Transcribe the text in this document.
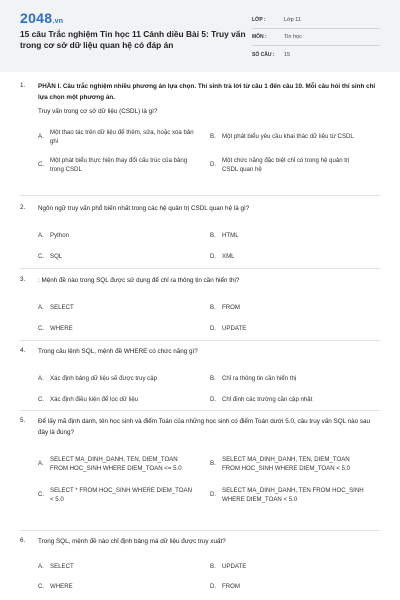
2048.vn
15 câu Trắc nghiệm Tin học 11 Cánh diều Bài 5: Truy vấn trong cơ sở dữ liệu quan hệ có đáp án
LỚP :	Lớp 11
MÔN :	Tin học
SỐ CÂU :	15
1.	PHẦN I. Câu trắc nghiệm nhiều phương án lựa chọn. Thí sinh trả lời từ câu 1 đến câu 10. Mỗi câu hỏi thí sinh chỉ lựa chọn một phương án.
Truy vấn trong cơ sở dữ liệu (CSDL) là gì?
A.
Một thao tác trên dữ liệu để thêm, sửa, hoặc xóa bản ghi
B.	Một phát biểu yêu cầu khai thác dữ liệu từ CSDL
C.
Một phát biểu thực hiện thay đổi cấu trúc của bảng trong CSDL
D.
Một chức năng đặc biệt chỉ có trong hệ quản trị CSDL quan hệ
2.	Ngôn ngữ truy vấn phổ biến nhất trong các hệ quản trị CSDL quan hệ là gì?
A.	Python	B.	HTML
C. SQL	D. XML
3.	: Mệnh đề nào trong SQL được sử dụng để chỉ ra thông tin cần hiển thị?
A.	SELECT	B.	FROM
C. WHERE	D. UPDATE
4.	Trong câu lệnh SQL, mệnh đề WHERE có chức năng gì?
A.	Xác định bảng dữ liệu sẽ được truy cập	B.	Chỉ ra thông tin cần hiển thị
C. Xác định điều kiện để lọc dữ liệu	D. Chỉ định các trường cần cập nhật
5.	Để lấy mã định danh, tên học sinh và điểm Toán của những học sinh có điểm Toán dưới 5.0, câu truy vấn SQL nào sau đây là đúng?
A.
SELECT MA_DINH_DANH, TEN, DIEM_TOAN FROM HOC_SINH WHERE DIEM_TOAN <= 5.0
B.
SELECT MA_DINH_DANH, TEN, DIEM_TOAN FROM HOC_SINH WHERE DIEM_TOAN < 5.0
C.
SELECT * FROM HOC_SINH WHERE DIEM_TOAN < 5.0
D.
SELECT MA_DINH_DANH, TEN FROM HOC_SINH WHERE DIEM_TOAN < 5.0
6.	Trong SQL, mệnh đề nào chỉ định bảng mà dữ liệu được truy xuất?
A.	SELECT	B.	UPDATE
C. WHERE	D. FROM
